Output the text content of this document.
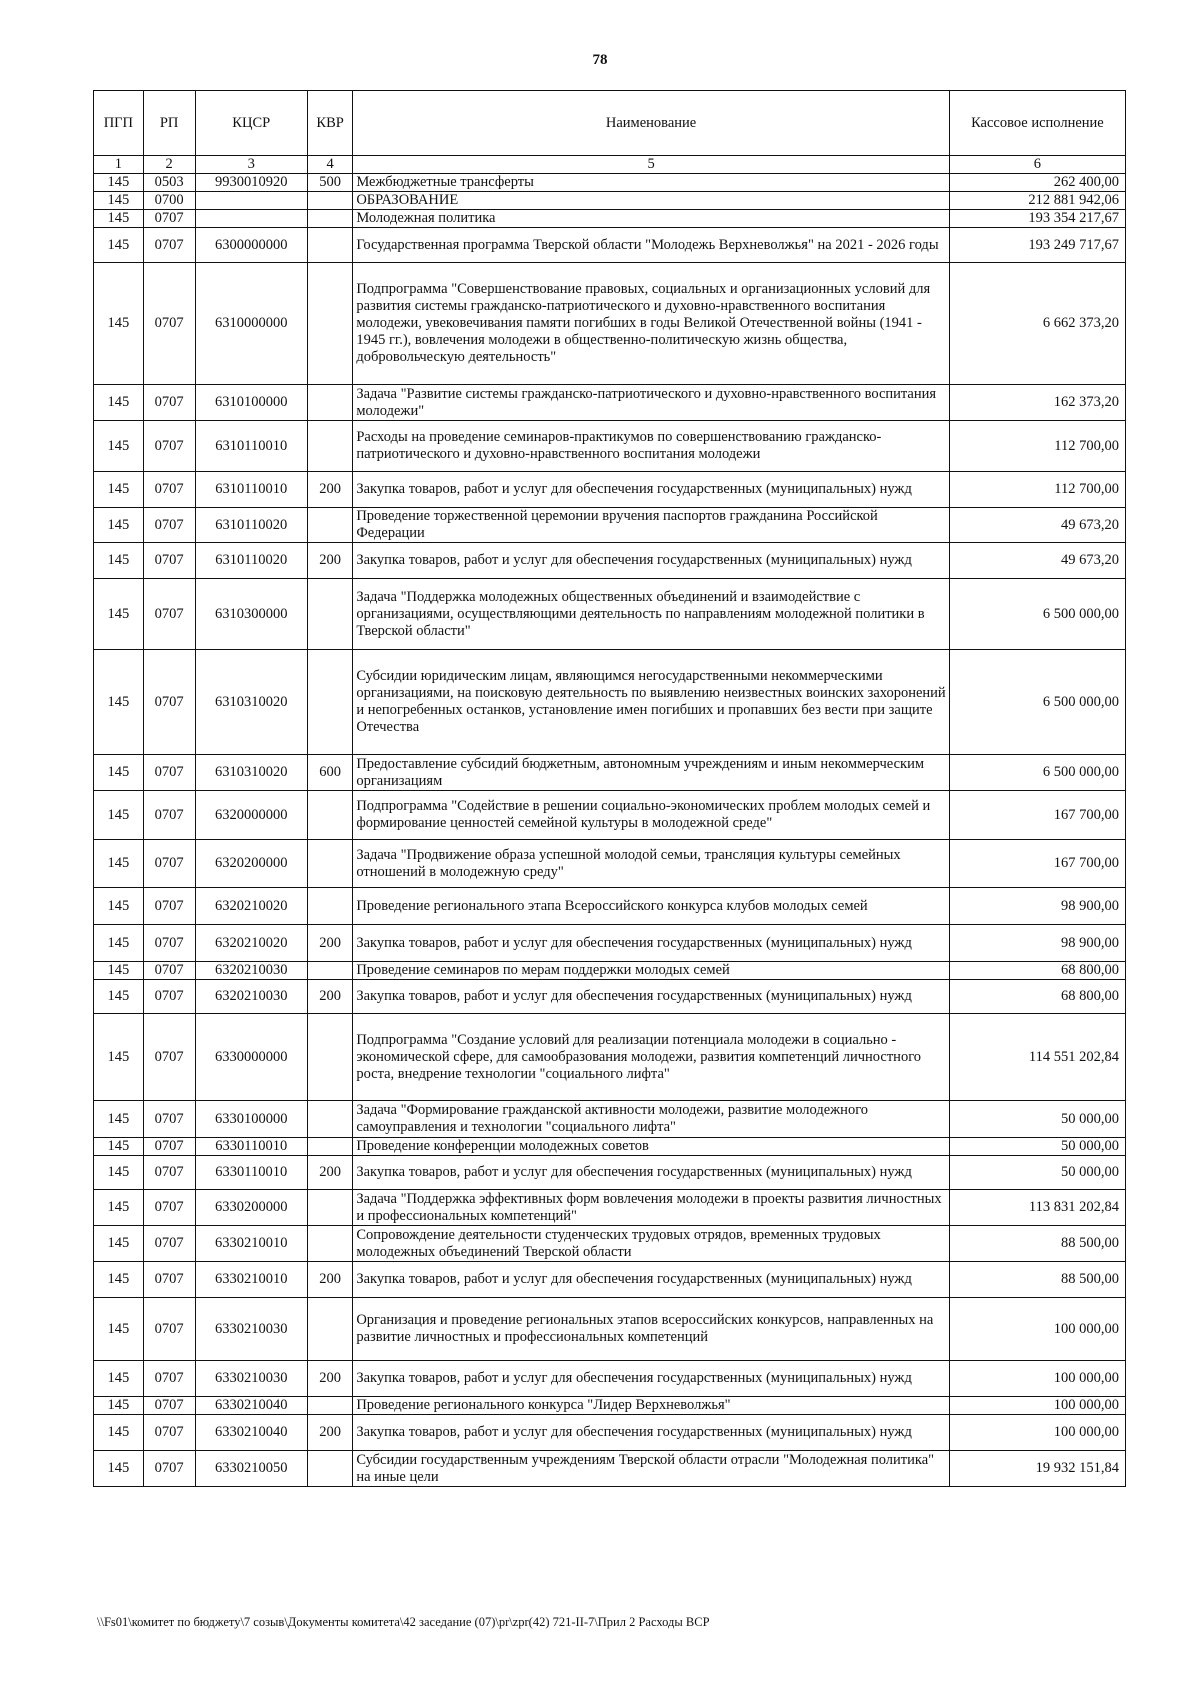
78
ПГП	РП	КЦСР	КВР	Наименование	Кассовое исполнение
1	2	3	4	5	6
145	0503	9930010920	500	Межбюджетные трансферты	262 400,00
145	0700			ОБРАЗОВАНИЕ	212 881 942,06
145	0707			Молодежная политика	193 354 217,67
145	0707	6300000000		Государственная программа Тверской области "Молодежь Верхневолжья" на 2021 - 2026 годы	193 249 717,67
145	0707	6310000000		Подпрограмма "Совершенствование правовых, социальных и организационных условий для развития системы гражданско-патриотического и духовно-нравственного воспитания молодежи, увековечивания памяти погибших в годы Великой Отечественной войны (1941 - 1945 гг.), вовлечения молодежи в общественно-политическую жизнь общества, добровольческую деятельность"	6 662 373,20
145	0707	6310100000		Задача "Развитие системы гражданско-патриотического и духовно-нравственного воспитания молодежи"	162 373,20
145	0707	6310110010		Расходы на проведение семинаров-практикумов по совершенствованию гражданско-патриотического и духовно-нравственного воспитания молодежи	112 700,00
145	0707	6310110010	200	Закупка товаров, работ и услуг для обеспечения государственных (муниципальных) нужд	112 700,00
145	0707	6310110020		Проведение торжественной церемонии вручения паспортов гражданина Российской Федерации	49 673,20
145	0707	6310110020	200	Закупка товаров, работ и услуг для обеспечения государственных (муниципальных) нужд	49 673,20
145	0707	6310300000		Задача "Поддержка молодежных общественных объединений и взаимодействие с организациями, осуществляющими деятельность по направлениям молодежной политики в Тверской области"	6 500 000,00
145	0707	6310310020		Субсидии юридическим лицам, являющимся негосударственными некоммерческими организациями, на поисковую деятельность по выявлению неизвестных воинских захоронений и непогребенных останков, установление имен погибших и пропавших без вести при защите Отечества	6 500 000,00
145	0707	6310310020	600	Предоставление субсидий бюджетным, автономным учреждениям и иным некоммерческим организациям	6 500 000,00
145	0707	6320000000		Подпрограмма "Содействие в решении социально-экономических проблем молодых семей и формирование ценностей семейной культуры в молодежной среде"	167 700,00
145	0707	6320200000		Задача "Продвижение образа успешной молодой семьи, трансляция культуры семейных отношений в молодежную среду"	167 700,00
145	0707	6320210020		Проведение регионального этапа Всероссийского конкурса клубов молодых семей	98 900,00
145	0707	6320210020	200	Закупка товаров, работ и услуг для обеспечения государственных (муниципальных) нужд	98 900,00
145	0707	6320210030		Проведение семинаров по мерам поддержки молодых семей	68 800,00
145	0707	6320210030	200	Закупка товаров, работ и услуг для обеспечения государственных (муниципальных) нужд	68 800,00
145	0707	6330000000		Подпрограмма "Создание условий для реализации потенциала молодежи в социально - экономической сфере, для самообразования молодежи, развития компетенций личностного роста, внедрение технологии "социального лифта"	114 551 202,84
145	0707	6330100000		Задача "Формирование гражданской активности молодежи, развитие молодежного самоуправления и технологии "социального лифта"	50 000,00
145	0707	6330110010		Проведение конференции молодежных советов	50 000,00
145	0707	6330110010	200	Закупка товаров, работ и услуг для обеспечения государственных (муниципальных) нужд	50 000,00
145	0707	6330200000		Задача "Поддержка эффективных форм вовлечения молодежи в проекты развития личностных и профессиональных компетенций"	113 831 202,84
145	0707	6330210010		Сопровождение деятельности студенческих трудовых отрядов, временных трудовых молодежных объединений Тверской области	88 500,00
145	0707	6330210010	200	Закупка товаров, работ и услуг для обеспечения государственных (муниципальных) нужд	88 500,00
145	0707	6330210030		Организация и проведение региональных этапов всероссийских конкурсов, направленных на развитие личностных и профессиональных компетенций	100 000,00
145	0707	6330210030	200	Закупка товаров, работ и услуг для обеспечения государственных (муниципальных) нужд	100 000,00
145	0707	6330210040		Проведение регионального конкурса "Лидер Верхневолжья"	100 000,00
145	0707	6330210040	200	Закупка товаров, работ и услуг для обеспечения государственных (муниципальных) нужд	100 000,00
145	0707	6330210050		Субсидии государственным учреждениям Тверской области отрасли "Молодежная политика" на иные цели	19 932 151,84
\\Fs01\комитет по бюджету\7 созыв\Документы комитета\42 заседание (07)\pr\zpr(42) 721-II-7\Прил 2 Расходы ВСР
